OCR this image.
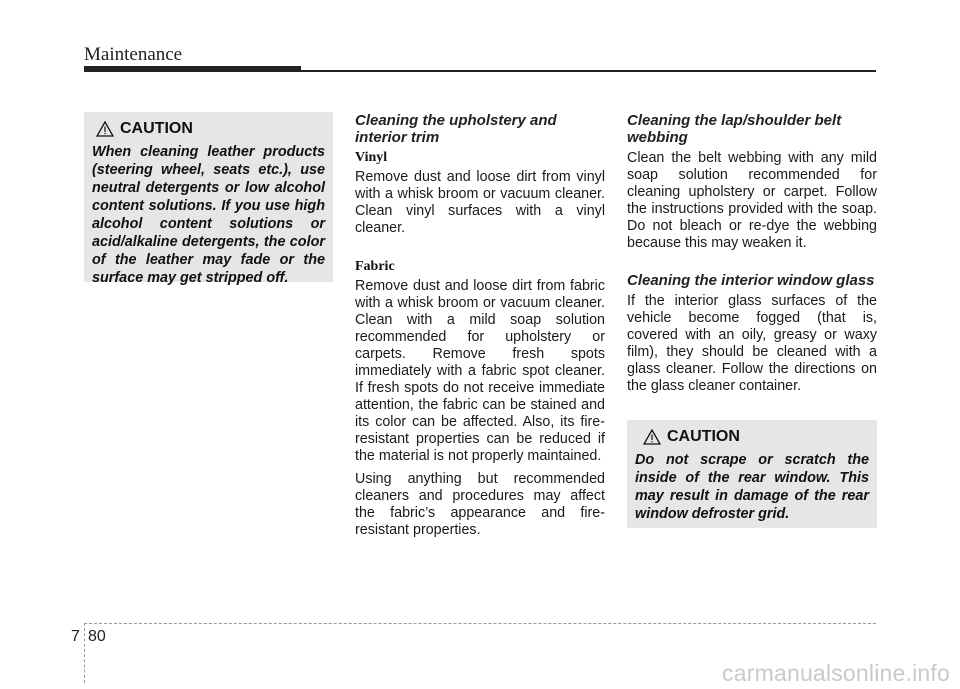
Maintenance
CAUTION
When cleaning leather products (steering wheel, seats etc.), use neutral detergents or low alcohol content solutions. If you use high alcohol content solutions or acid/alkaline detergents, the color of the leather may fade or the surface may get stripped off.
Cleaning the upholstery and interior trim
Vinyl

Remove dust and loose dirt from vinyl with a whisk broom or vacuum cleaner. Clean vinyl surfaces with a vinyl cleaner.

Fabric

Remove dust and loose dirt from fabric with a whisk broom or vacuum cleaner. Clean with a mild soap solution recommended for upholstery or carpets. Remove fresh spots immediately with a fabric spot cleaner. If fresh spots do not receive immediate attention, the fabric can be stained and its color can be affected. Also, its fire-resistant properties can be reduced if the material is not properly maintained.

Using anything but recommended cleaners and procedures may affect the fabric’s appearance and fire-resistant properties.

Cleaning the lap/shoulder belt webbing

Clean the belt webbing with any mild soap solution recommended for cleaning upholstery or carpet. Follow the instructions provided with the soap. Do not bleach or re-dye the webbing because this may weaken it.

Cleaning the interior window glass

If the interior glass surfaces of the vehicle become fogged (that is, covered with an oily, greasy or waxy film), they should be cleaned with a glass cleaner. Follow the directions on the glass cleaner container.

CAUTION
Do not scrape or scratch the inside of the rear window. This may result in damage of the rear window defroster grid.
7 80
carmanualsonline.info
